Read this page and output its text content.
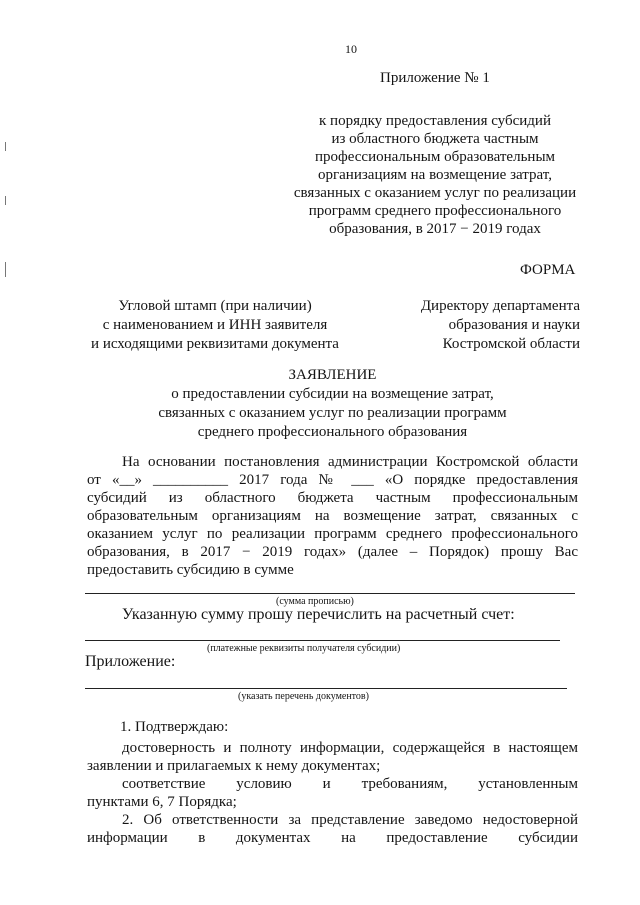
10
Приложение № 1
к порядку предоставления субсидий
из областного бюджета частным
профессиональным образовательным
организациям на возмещение затрат,
связанных с оказанием услуг по реализации
программ среднего профессионального
образования, в 2017 − 2019 годах
ФОРМА
Угловой штамп (при наличии)
с наименованием и ИНН заявителя
и исходящими реквизитами документа
Директору департамента
образования и науки
Костромской области
ЗАЯВЛЕНИЕ
о предоставлении субсидии на возмещение затрат,
связанных с оказанием услуг по реализации программ
среднего профессионального образования
На основании постановления администрации Костромской области
от «__» __________ 2017 года № ___ «О порядке предоставления
субсидий из областного бюджета частным профессиональным
образовательным организациям на возмещение затрат, связанных с
оказанием услуг по реализации программ среднего профессионального
образования, в 2017 − 2019 годах» (далее – Порядок) прошу Вас
предоставить субсидию в сумме
(сумма прописью)
Указанную сумму прошу перечислить на расчетный счет:
(платежные реквизиты получателя субсидии)
Приложение:
(указать перечень документов)
1. Подтверждаю:
достоверность и полноту информации, содержащейся в настоящем
заявлении и прилагаемых к нему документах;
соответствие условию и требованиям, установленным
пунктами 6, 7 Порядка;
2. Об ответственности за представление заведомо недостоверной
информации в документах на предоставление субсидии
